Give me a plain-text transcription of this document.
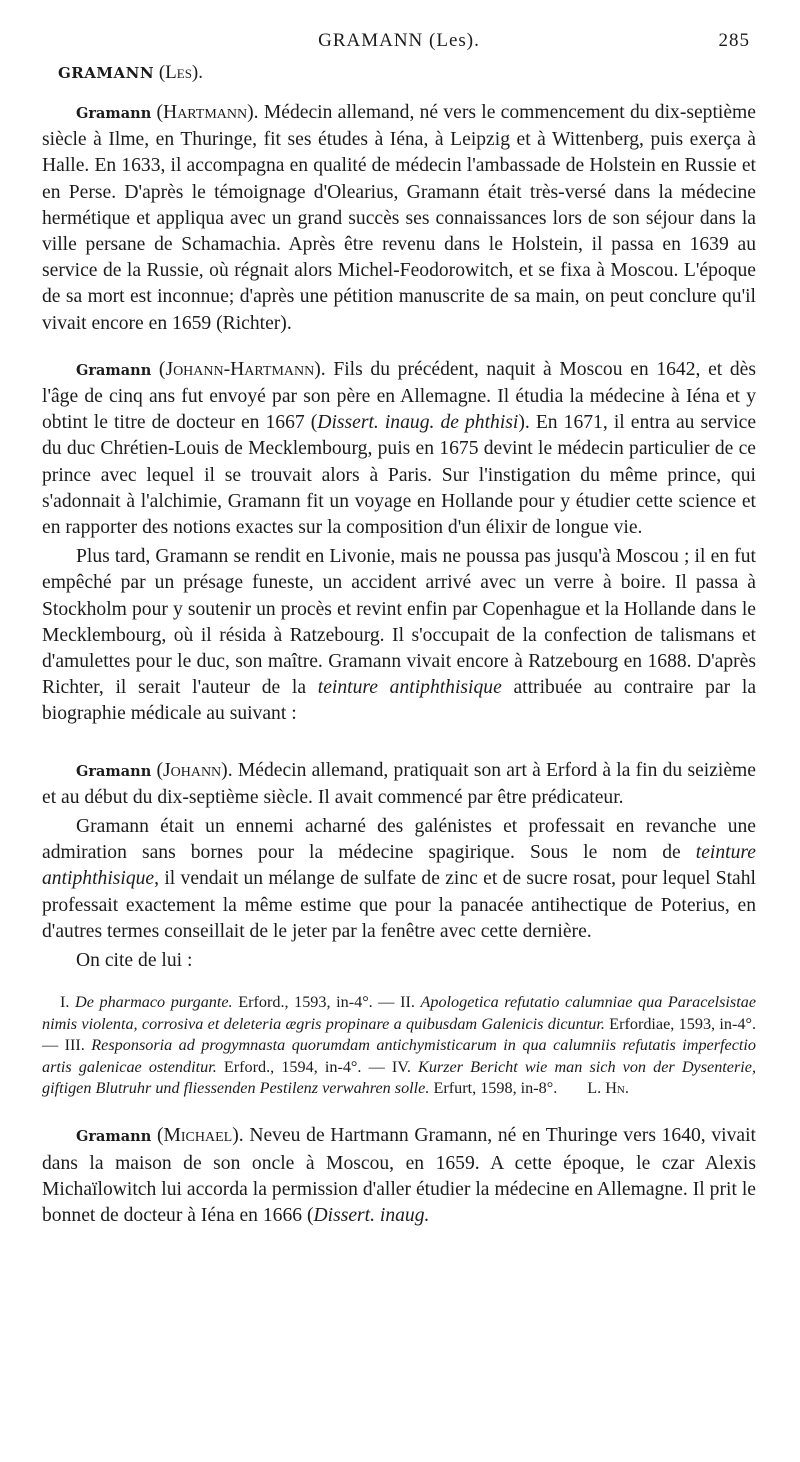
GRAMANN (Les).	285
GRAMANN (Les).

Gramann (Hartmann). Médecin allemand, né vers le commencement du dix-septième siècle à Ilme, en Thuringe, fit ses études à Iéna, à Leipzig et à Wittenberg, puis exerça à Halle. En 1633, il accompagna en qualité de médecin l'ambassade de Holstein en Russie et en Perse. D'après le témoignage d'Olearius, Gramann était très-versé dans la médecine hermétique et appliqua avec un grand succès ses connaissances lors de son séjour dans la ville persane de Schamachia. Après être revenu dans le Holstein, il passa en 1639 au service de la Russie, où régnait alors Michel-Feodorowitch, et se fixa à Moscou. L'époque de sa mort est inconnue; d'après une pétition manuscrite de sa main, on peut conclure qu'il vivait encore en 1659 (Richter).

Gramann (Johann-Hartmann). Fils du précédent, naquit à Moscou en 1642, et dès l'âge de cinq ans fut envoyé par son père en Allemagne. Il étudia la médecine à Iéna et y obtint le titre de docteur en 1667 (Dissert. inaug. de phthisi). En 1671, il entra au service du duc Chrétien-Louis de Mecklembourg, puis en 1675 devint le médecin particulier de ce prince avec lequel il se trouvait alors à Paris. Sur l'instigation du même prince, qui s'adonnait à l'alchimie, Gramann fit un voyage en Hollande pour y étudier cette science et en rapporter des notions exactes sur la composition d'un élixir de longue vie.

Plus tard, Gramann se rendit en Livonie, mais ne poussa pas jusqu'à Moscou ; il en fut empêché par un présage funeste, un accident arrivé avec un verre à boire. Il passa à Stockholm pour y soutenir un procès et revint enfin par Copenhague et la Hollande dans le Mecklembourg, où il résida à Ratzebourg. Il s'occupait de la confection de talismans et d'amulettes pour le duc, son maître. Gramann vivait encore à Ratzebourg en 1688. D'après Richter, il serait l'auteur de la teinture antiphthisique attribuée au contraire par la biographie médicale au suivant :

Gramann (Johann). Médecin allemand, pratiquait son art à Erford à la fin du seizième et au début du dix-septième siècle. Il avait commencé par être prédicateur.

Gramann était un ennemi acharné des galénistes et professait en revanche une admiration sans bornes pour la médecine spagirique. Sous le nom de teinture antiphthisique, il vendait un mélange de sulfate de zinc et de sucre rosat, pour lequel Stahl professait exactement la même estime que pour la panacée antihectique de Poterius, en d'autres termes conseillait de le jeter par la fenêtre avec cette dernière.

On cite de lui :

I. De pharmaco purgante. Erford., 1593, in-4°. — II. Apologetica refutatio calumniae qua Paracelsistae nimis violenta, corrosiva et deleteria ægris propinare a quibusdam Galenicis dicuntur. Erfordiae, 1593, in-4°. — III. Responsoria ad progymnasta quorumdam antichymisticarum in qua calumniis refutatis imperfectio artis galenicae ostenditur. Erford., 1594, in-4°. — IV. Kurzer Bericht wie man sich von der Dysenterie, giftigen Blutruhr und fliessenden Pestilenz verwahren solle. Erfurt, 1598, in-8°. L. Hn.

Gramann (Michael). Neveu de Hartmann Gramann, né en Thuringe vers 1640, vivait dans la maison de son oncle à Moscou, en 1659. A cette époque, le czar Alexis Michaïlowitch lui accorda la permission d'aller étudier la médecine en Allemagne. Il prit le bonnet de docteur à Iéna en 1666 (Dissert. inaug.
